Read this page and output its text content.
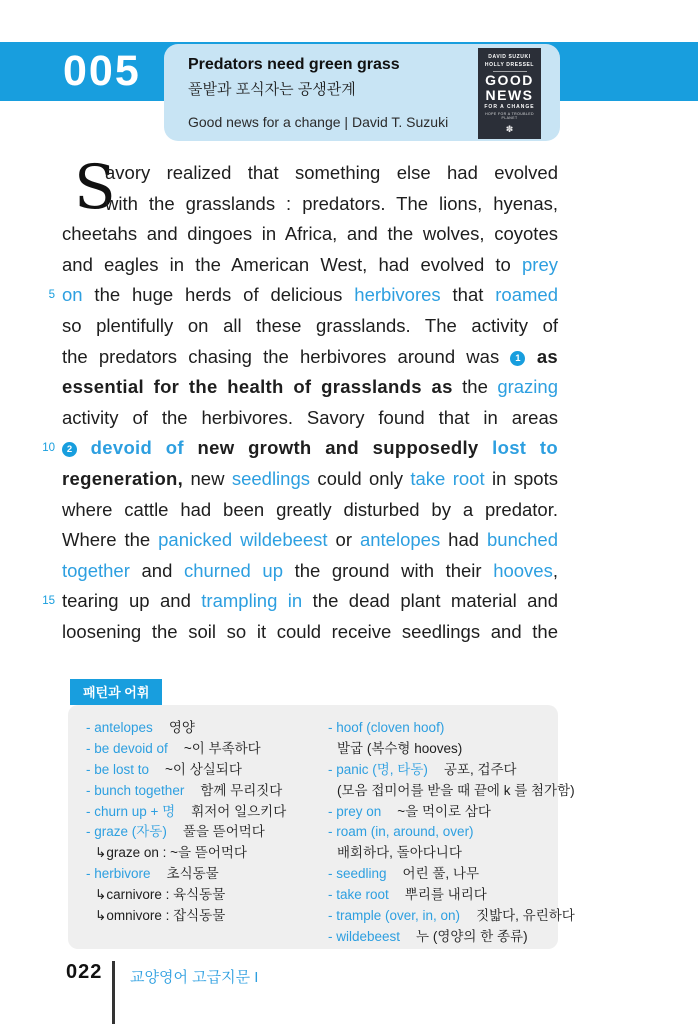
005	Predators need green grass
풀밭과 포식자는 공생관계
Good news for a change | David T. Suzuki
DAVID SUZUKI
HOLLY DRESSEL
GOOD
NEWS
FOR A CHANGE
HOPE FOR A TROUBLED PLANET
✽
S
avory realized that something else had evolved
with the grasslands : predators. The lions, hyenas,
cheetahs and dingoes in Africa, and the wolves, coyotes
and eagles in the American West, had evolved to prey
5 on the huge herds of delicious herbivores that roamed
so plentifully on all these grasslands. The activity of
the predators chasing the herbivores around was 1 as
essential for the health of grasslands as the grazing
activity of the herbivores. Savory found that in areas
10 2 devoid of new growth and supposedly lost to
regeneration, new seedlings could only take root in spots
where cattle had been greatly disturbed by a predator.
Where the panicked wildebeest or antelopes had bunched
together and churned up the ground with their hooves,
15 tearing up and trampling in the dead plant material and
loosening the soil so it could receive seedlings and the
패턴과 어휘
- antelopes 영양
- be devoid of ~이 부족하다
- be lost to ~이 상실되다
- bunch together 함께 무리짓다
- churn up + 명 휘저어 일으키다
- graze (자동) 풀을 뜯어먹다
↳ graze on : ~을 뜯어먹다
- herbivore 초식동물
↳ carnivore : 육식동물
↳ omnivore : 잡식동물
- hoof (cloven hoof)
발굽 (복수형 hooves)
- panic (명, 타동) 공포, 겁주다
(모음 접미어를 받을 때 끝에 k 를 첨가함)
- prey on ~을 먹이로 삼다
- roam (in, around, over)
배회하다, 돌아다니다
- seedling 어린 풀, 나무
- take root 뿌리를 내리다
- trample (over, in, on) 짓밟다, 유린하다
- wildebeest 누 (영양의 한 종류)
022 교양영어 고급지문 I
